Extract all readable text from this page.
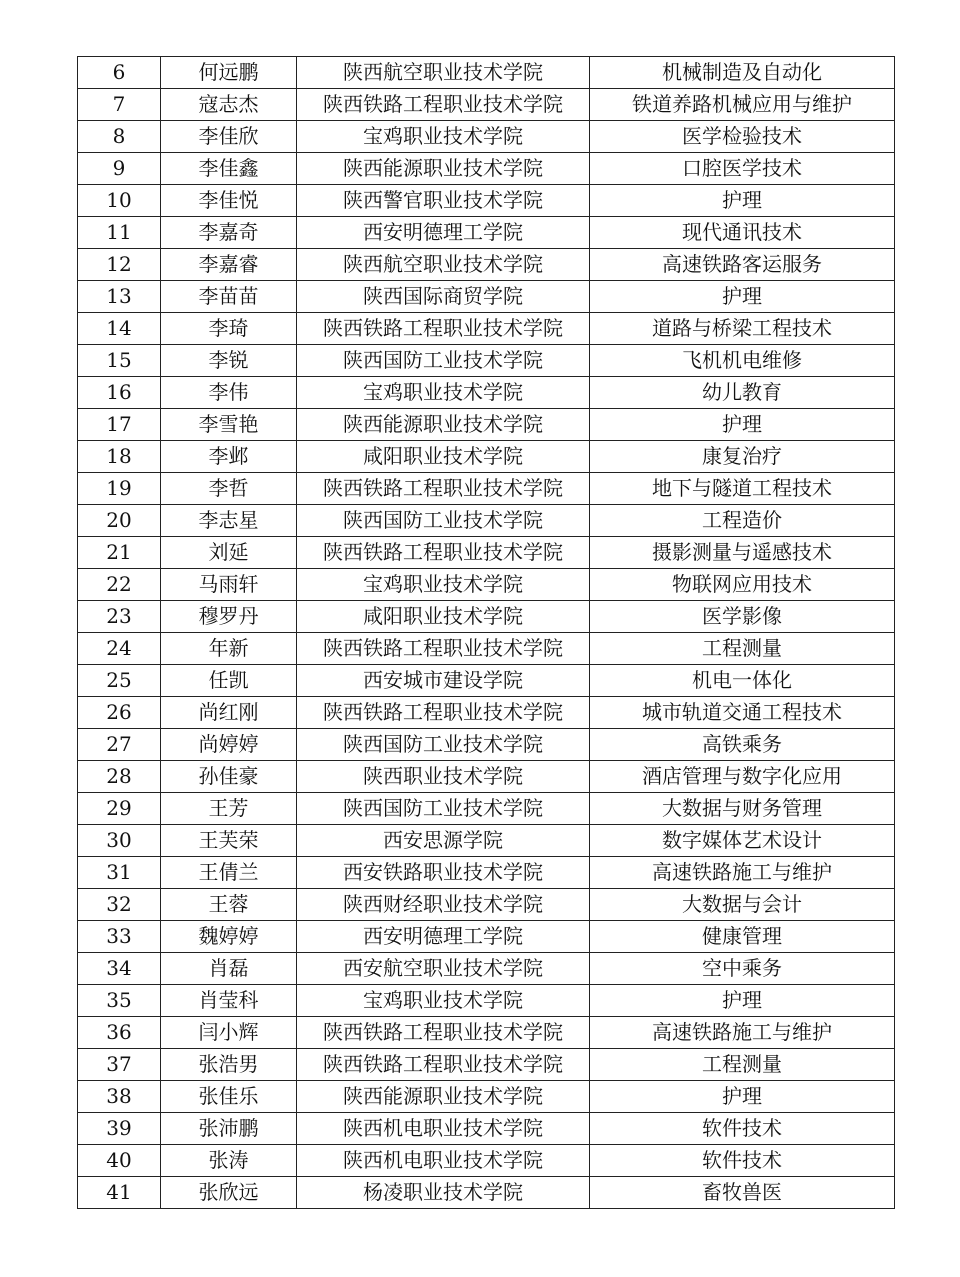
6	何远鹏	陕西航空职业技术学院	机械制造及自动化
7	寇志杰	陕西铁路工程职业技术学院	铁道养路机械应用与维护
8	李佳欣	宝鸡职业技术学院	医学检验技术
9	李佳鑫	陕西能源职业技术学院	口腔医学技术
10	李佳悦	陕西警官职业技术学院	护理
11	李嘉奇	西安明德理工学院	现代通讯技术
12	李嘉睿	陕西航空职业技术学院	高速铁路客运服务
13	李苗苗	陕西国际商贸学院	护理
14	李琦	陕西铁路工程职业技术学院	道路与桥梁工程技术
15	李锐	陕西国防工业技术学院	飞机机电维修
16	李伟	宝鸡职业技术学院	幼儿教育
17	李雪艳	陕西能源职业技术学院	护理
18	李邺	咸阳职业技术学院	康复治疗
19	李哲	陕西铁路工程职业技术学院	地下与隧道工程技术
20	李志星	陕西国防工业技术学院	工程造价
21	刘延	陕西铁路工程职业技术学院	摄影测量与遥感技术
22	马雨轩	宝鸡职业技术学院	物联网应用技术
23	穆罗丹	咸阳职业技术学院	医学影像
24	年新	陕西铁路工程职业技术学院	工程测量
25	任凯	西安城市建设学院	机电一体化
26	尚红刚	陕西铁路工程职业技术学院	城市轨道交通工程技术
27	尚婷婷	陕西国防工业技术学院	高铁乘务
28	孙佳豪	陕西职业技术学院	酒店管理与数字化应用
29	王芳	陕西国防工业技术学院	大数据与财务管理
30	王芙荣	西安思源学院	数字媒体艺术设计
31	王倩兰	西安铁路职业技术学院	高速铁路施工与维护
32	王蓉	陕西财经职业技术学院	大数据与会计
33	魏婷婷	西安明德理工学院	健康管理
34	肖磊	西安航空职业技术学院	空中乘务
35	肖莹科	宝鸡职业技术学院	护理
36	闫小辉	陕西铁路工程职业技术学院	高速铁路施工与维护
37	张浩男	陕西铁路工程职业技术学院	工程测量
38	张佳乐	陕西能源职业技术学院	护理
39	张沛鹏	陕西机电职业技术学院	软件技术
40	张涛	陕西机电职业技术学院	软件技术
41	张欣远	杨凌职业技术学院	畜牧兽医
